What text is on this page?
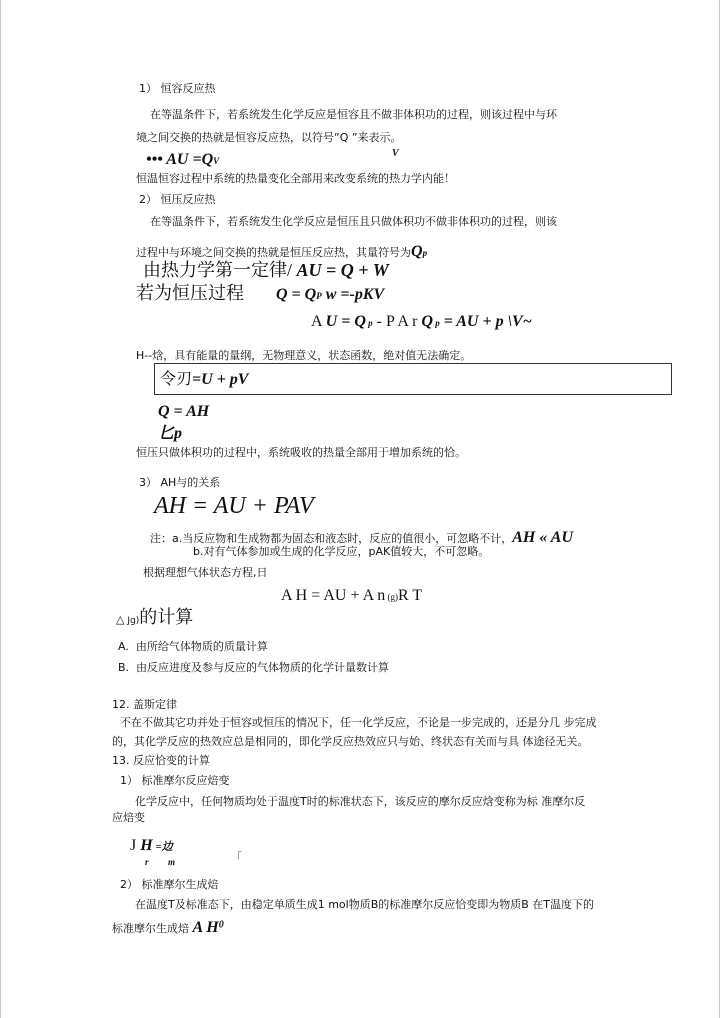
1） 恒容反应热
在等温条件下，若系统发生化学反应是恒容且不做非体积功的过程，则该过程中与环
境之间交换的热就是恒容反应热，以符号“Q ”来表示。
V
••• AU =QV
恒温恒容过程中系统的热量变化全部用来改变系统的热力学内能！
2） 恒压反应热
在等温条件下，若系统发生化学反应是恒压且只做体积功不做非体积功的过程，则该
过程中与环境之间交换的热就是恒压反应热，其量符号为Qp
由热力学第一定律/ AU = Q + W
若为恒压过程 Q = QP w =-pKV
A U = Q p - P A r Q p = AU + p \V~
H--焓，具有能量的量纲，无物理意义，状态函数，绝对值无法确定。
令刃=U + pV
Q = AH
匕p
恒压只做体积功的过程中，系统吸收的热量全部用于增加系统的恰。
3） AH与的关系
AH = AU + PAV
注：a.当反应物和生成物都为固态和液态时，反应的值很小，可忽略不计，AH « AU
b.对有气体参加或生成的化学反应，pAK值较大，不可忽略。
根据理想气体状态方程,日
A H = AU + A n (g)R T
△ Jg)的计算
A. 由所给气体物质的质量计算
B. 由反应进度及参与反应的气体物质的化学计量数计算
12. 盖斯定律
不在不做其它功并处于恒容或恒压的情况下，任一化学反应，不论是一步完成的，还是分几 步完成
的，其化学反应的热效应总是相同的，即化学反应热效应只与始、终状态有关而与具 体途径无关。
13. 反应恰变的计算
1） 标准摩尔反应焙变
化学反应中，任何物质均处于温度T时的标准状态下，该反应的摩尔反应焓变称为标 准摩尔反
应焙变
J H =边
r m	「
2） 标准摩尔生成焙
在温度T及标准态下，由稳定单质生成1 mol物质B的标准摩尔反应恰变即为物质B 在T温度下的
标准摩尔生成焙 A $H^0$
